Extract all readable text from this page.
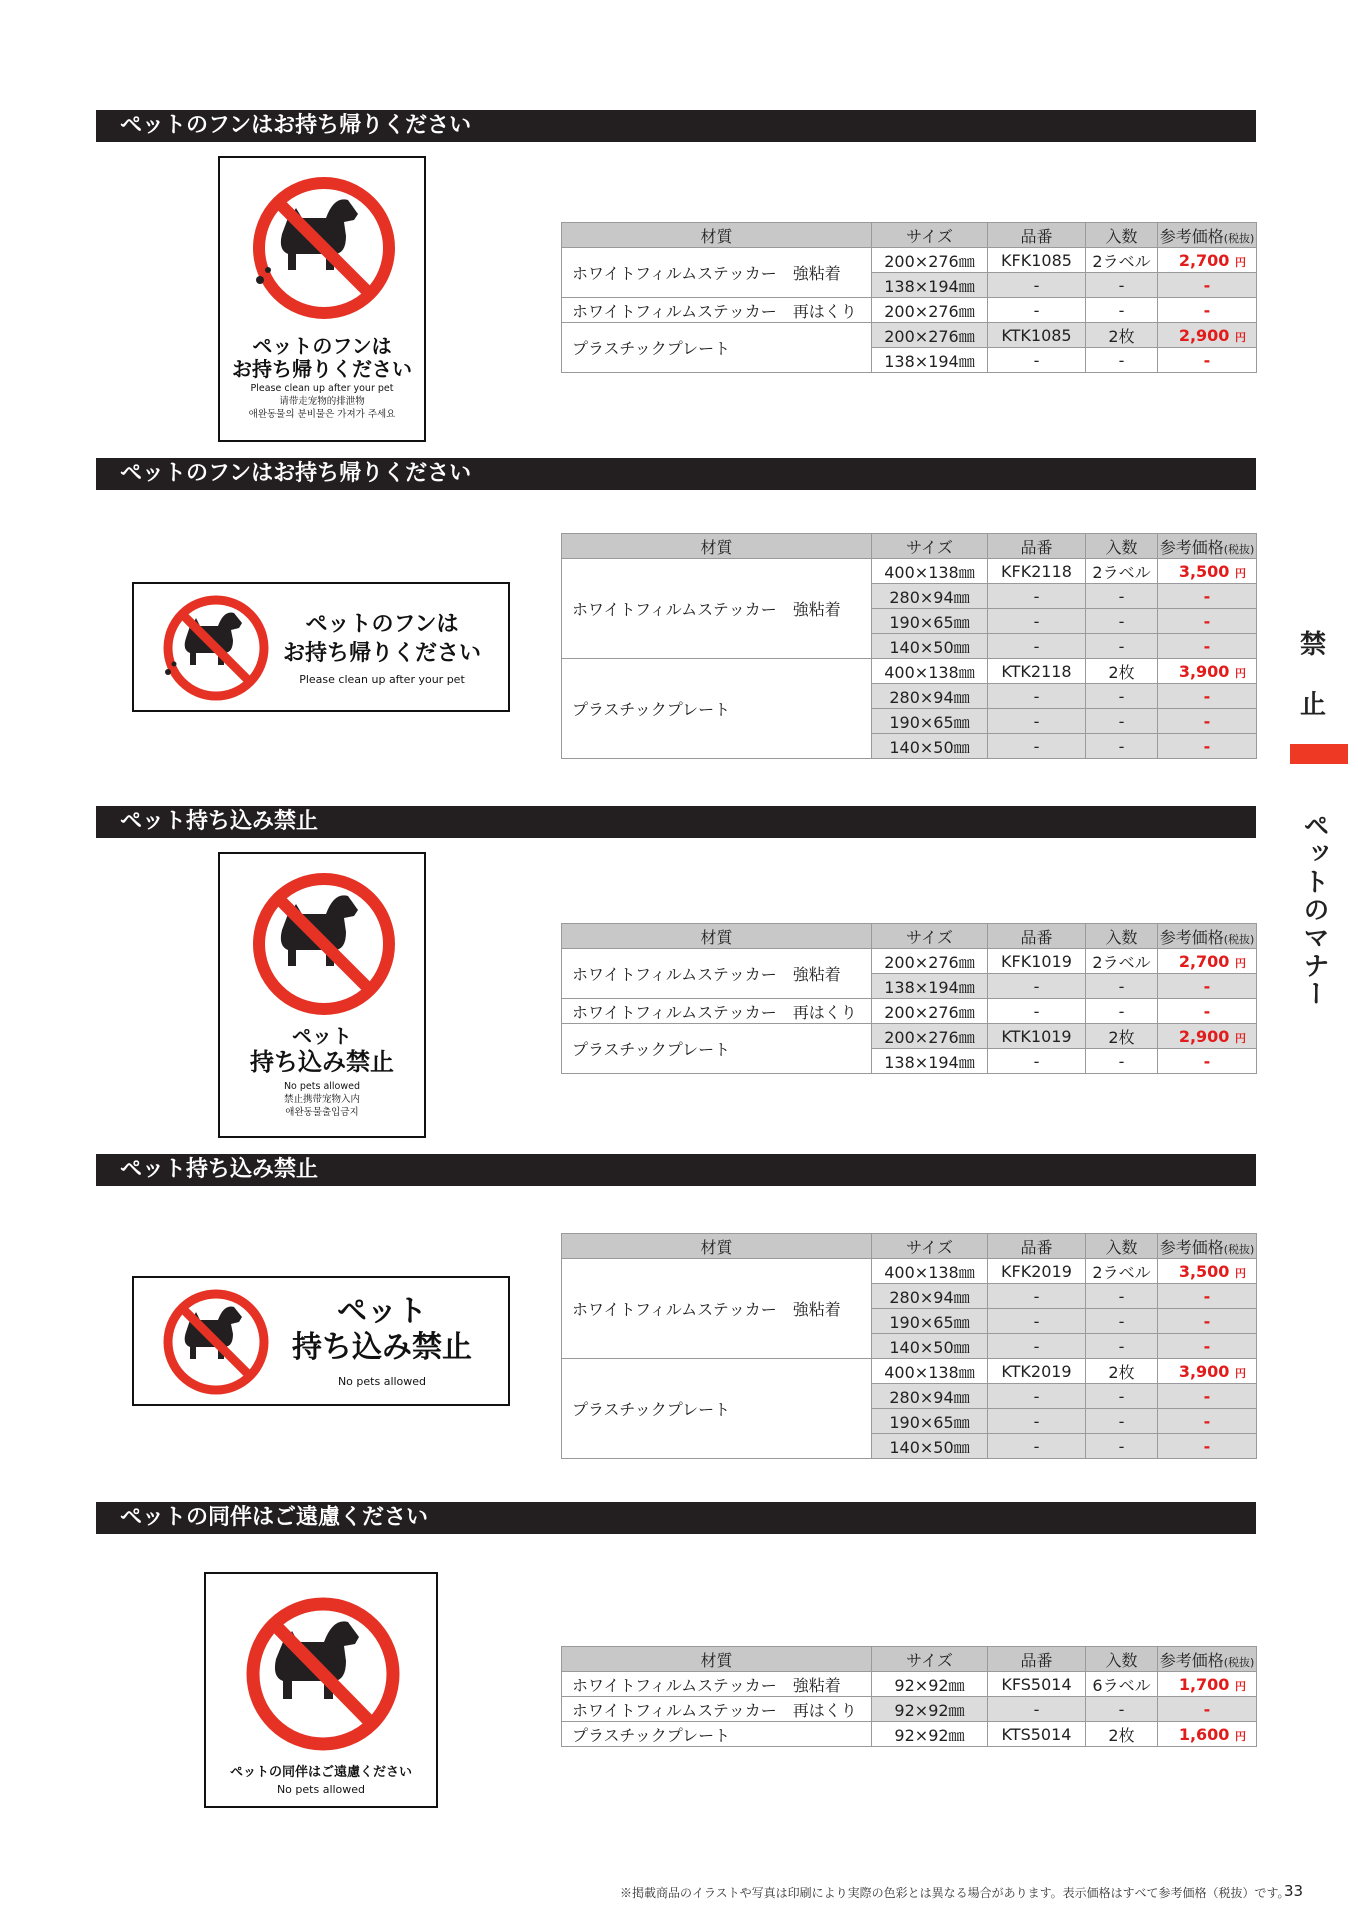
ペットのフンはお持ち帰りください
ペットのフンはお持ち帰りください
ペット持ち込み禁止
ペット持ち込み禁止
ペットの同伴はご遠慮ください
ペットのフンは
お持ち帰りください
Please clean up after your pet
请带走宠物的排泄物
애완동물의 분비물은 가져가 주세요
ペットのフンは
お持ち帰りください
Please clean up after your pet
ペット
持ち込み禁止
No pets allowed
禁止携带宠物入内
애완동물출입금지
ペット
持ち込み禁止
No pets allowed
ペットの同伴はご遠慮ください
No pets allowed
材質	サイズ	品番	入数	参考価格(税抜)
ホワイトフィルムステッカー　強粘着	200×276㎜	KFK1085	2ラベル	2,700 円
	138×194㎜	-	-	-
ホワイトフィルムステッカー　再はくり	200×276㎜	-	-	-
プラスチックプレート	200×276㎜	KTK1085	2枚	2,900 円
	138×194㎜	-	-	-
材質	サイズ	品番	入数	参考価格(税抜)
ホワイトフィルムステッカー　強粘着	400×138㎜	KFK2118	2ラベル	3,500 円
	280×94㎜	-	-	-
	190×65㎜	-	-	-
	140×50㎜	-	-	-
プラスチックプレート	400×138㎜	KTK2118	2枚	3,900 円
	280×94㎜	-	-	-
	190×65㎜	-	-	-
	140×50㎜	-	-	-
材質	サイズ	品番	入数	参考価格(税抜)
ホワイトフィルムステッカー　強粘着	200×276㎜	KFK1019	2ラベル	2,700 円
	138×194㎜	-	-	-
ホワイトフィルムステッカー　再はくり	200×276㎜	-	-	-
プラスチックプレート	200×276㎜	KTK1019	2枚	2,900 円
	138×194㎜	-	-	-
材質	サイズ	品番	入数	参考価格(税抜)
ホワイトフィルムステッカー　強粘着	400×138㎜	KFK2019	2ラベル	3,500 円
	280×94㎜	-	-	-
	190×65㎜	-	-	-
	140×50㎜	-	-	-
プラスチックプレート	400×138㎜	KTK2019	2枚	3,900 円
	280×94㎜	-	-	-
	190×65㎜	-	-	-
	140×50㎜	-	-	-
材質	サイズ	品番	入数	参考価格(税抜)
ホワイトフィルムステッカー　強粘着	92×92㎜	KFS5014	6ラベル	1,700 円
ホワイトフィルムステッカー　再はくり	92×92㎜	-	-	-
プラスチックプレート	92×92㎜	KTS5014	2枚	1,600 円
禁
止
ペットのマナー
※掲載商品のイラストや写真は印刷により実際の色彩とは異なる場合があります。表示価格はすべて参考価格（税抜）です。
33
